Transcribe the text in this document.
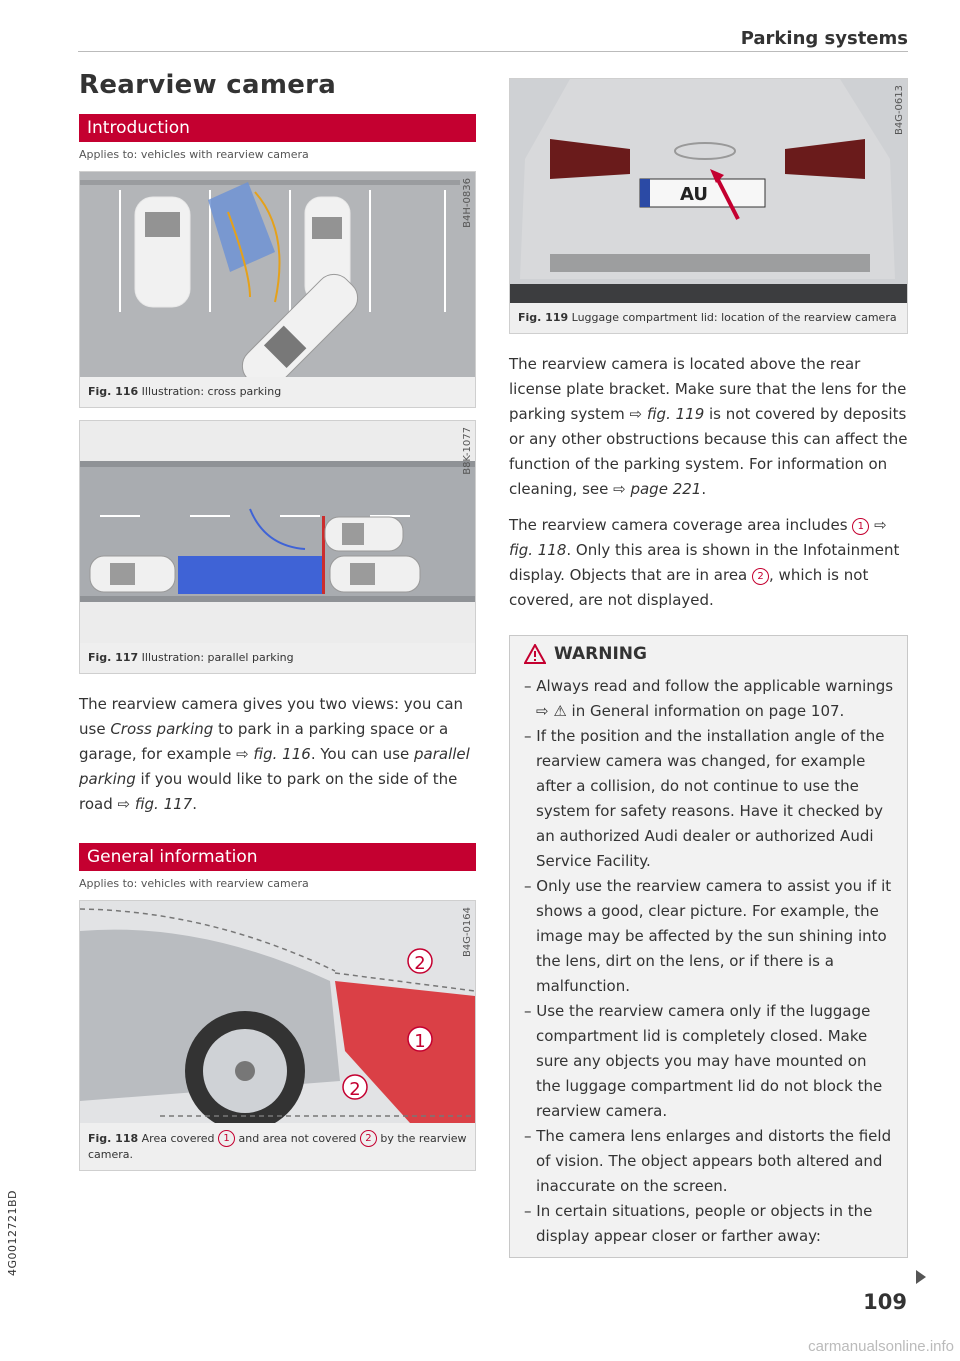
Parking systems
4G0012721BD
Rearview camera
Introduction
Applies to: vehicles with rearview camera
B4H-0836
Fig. 116 Illustration: cross parking
B8K-1077
Fig. 117 Illustration: parallel parking

The rearview camera gives you two views: you can use Cross parking to park in a parking space or a garage, for example ⇨ fig. 116. You can use parallel parking if you would like to park on the side of the road ⇨ fig. 117.

General information
Applies to: vehicles with rearview camera
2
1
2
B4G-0164
Fig. 118 Area covered 1 and area not covered 2 by the rearview camera.
AU
B4G-0613
Fig. 119 Luggage compartment lid: location of the rearview camera

The rearview camera is located above the rear license plate bracket. Make sure that the lens for the parking system ⇨ fig. 119 is not covered by deposits or any other obstructions because this can affect the function of the parking system. For information on cleaning, see ⇨ page 221.

The rearview camera coverage area includes 1 ⇨ fig. 118. Only this area is shown in the Infotainment display. Objects that are in area 2 , which is not covered, are not displayed.

WARNING
– Always read and follow the applicable warnings ⇨ ⚠ in General information on page 107.
– If the position and the installation angle of the rearview camera was changed, for example after a collision, do not continue to use the system for safety reasons. Have it checked by an authorized Audi dealer or authorized Audi Service Facility.
– Only use the rearview camera to assist you if it shows a good, clear picture. For example, the image may be affected by the sun shining into the lens, dirt on the lens, or if there is a malfunction.
– Use the rearview camera only if the luggage compartment lid is completely closed. Make sure any objects you may have mounted on the luggage compartment lid do not block the rearview camera.
– The camera lens enlarges and distorts the field of vision. The object appears both altered and inaccurate on the screen.
– In certain situations, people or objects in the display appear closer or farther away:
109
carmanualsonline.info
